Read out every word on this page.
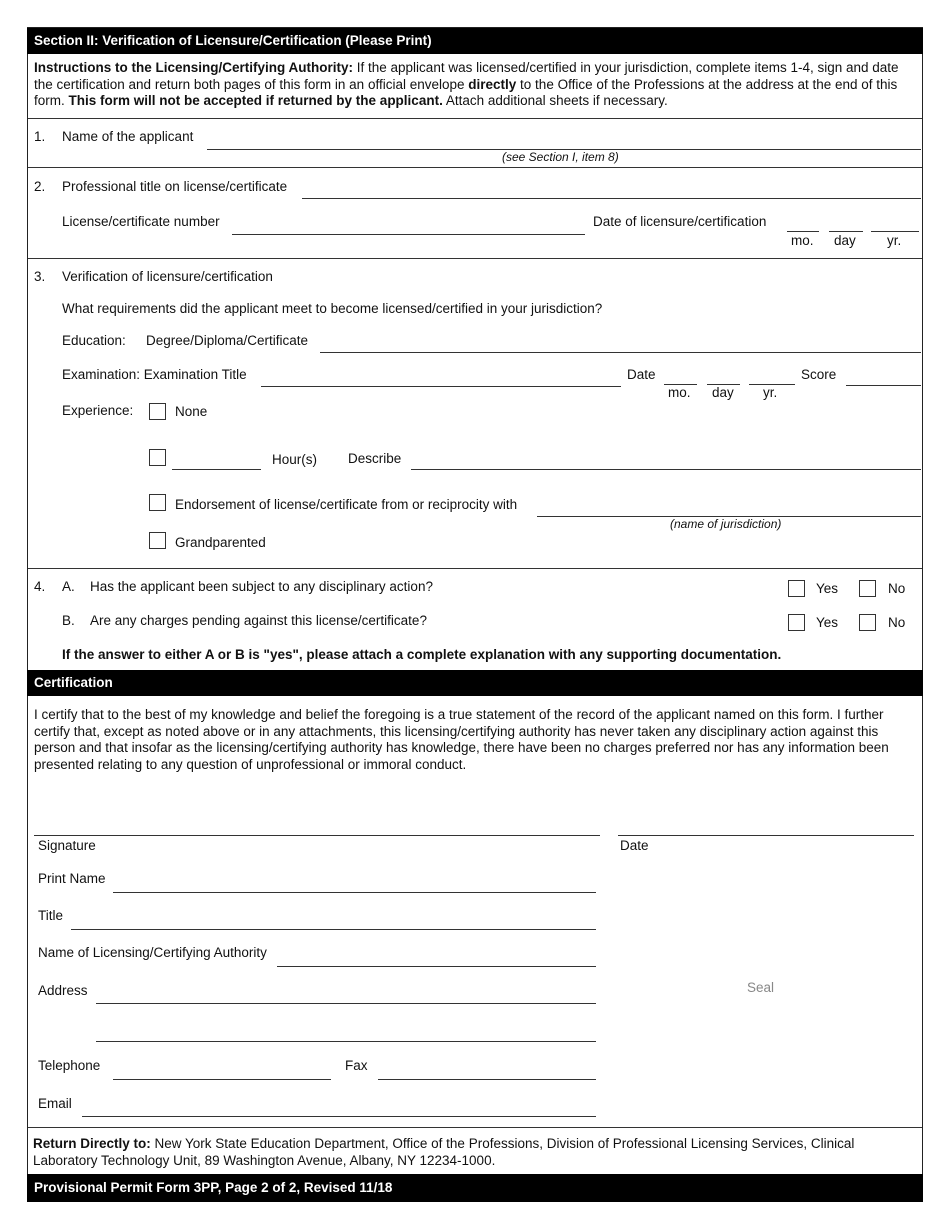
Section II: Verification of Licensure/Certification (Please Print)
Instructions to the Licensing/Certifying Authority: If the applicant was licensed/certified in your jurisdiction, complete items 1-4, sign and date the certification and return both pages of this form in an official envelope directly to the Office of the Professions at the address at the end of this form. This form will not be accepted if returned by the applicant. Attach additional sheets if necessary.
1. Name of the applicant
(see Section I, item 8)
2. Professional title on license/certificate
License/certificate number	Date of licensure/certification
mo. day yr.
3. Verification of licensure/certification
What requirements did the applicant meet to become licensed/certified in your jurisdiction?
Education: Degree/Diploma/Certificate
Examination: Examination Title	Date
mo. day yr.
Score
Experience:	None
Hour(s) Describe
Endorsement of license/certificate from or reciprocity with
(name of jurisdiction)
Grandparented
4. A. Has the applicant been subject to any disciplinary action?	Yes	No
B. Are any charges pending against this license/certificate?	Yes	No
If the answer to either A or B is "yes", please attach a complete explanation with any supporting documentation.
Certification
I certify that to the best of my knowledge and belief the foregoing is a true statement of the record of the applicant named on this form. I further certify that, except as noted above or in any attachments, this licensing/certifying authority has never taken any disciplinary action against this person and that insofar as the licensing/certifying authority has knowledge, there have been no charges preferred nor has any information been presented relating to any question of unprofessional or immoral conduct.
Signature	Date
Print Name
Title
Name of Licensing/Certifying Authority
Address	Seal
Telephone	Fax
Email
Return Directly to: New York State Education Department, Office of the Professions, Division of Professional Licensing Services, Clinical Laboratory Technology Unit, 89 Washington Avenue, Albany, NY 12234-1000.
Provisional Permit Form 3PP, Page 2 of 2, Revised 11/18
